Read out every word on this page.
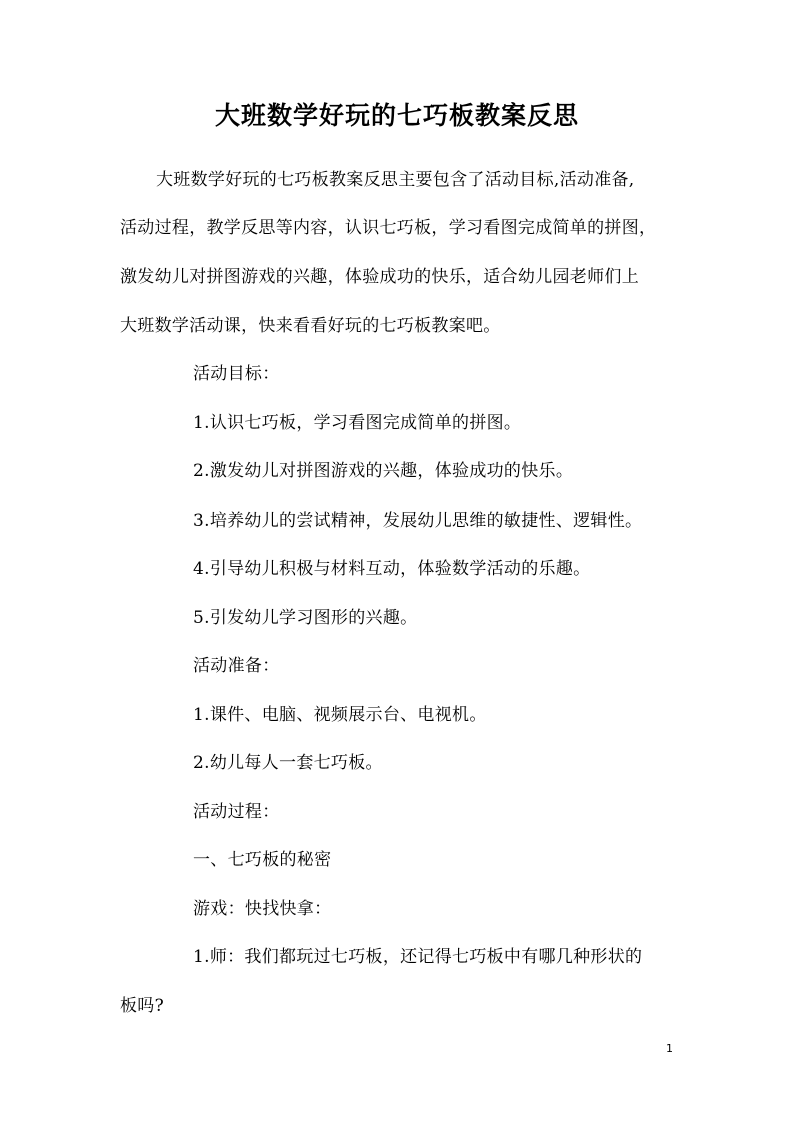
大班数学好玩的七巧板教案反思
大班数学好玩的七巧板教案反思主要包含了活动目标,活动准备,
活动过程，教学反思等内容，认识七巧板，学习看图完成简单的拼图，
激发幼儿对拼图游戏的兴趣，体验成功的快乐，适合幼儿园老师们上
大班数学活动课，快来看看好玩的七巧板教案吧。
活动目标：
1.认识七巧板，学习看图完成简单的拼图。
2.激发幼儿对拼图游戏的兴趣，体验成功的快乐。
3.培养幼儿的尝试精神，发展幼儿思维的敏捷性、逻辑性。
4.引导幼儿积极与材料互动，体验数学活动的乐趣。
5.引发幼儿学习图形的兴趣。
活动准备：
1.课件、电脑、视频展示台、电视机。
2.幼儿每人一套七巧板。
活动过程：
一、七巧板的秘密
游戏：快找快拿：
1.师：我们都玩过七巧板，还记得七巧板中有哪几种形状的
板吗?
1
